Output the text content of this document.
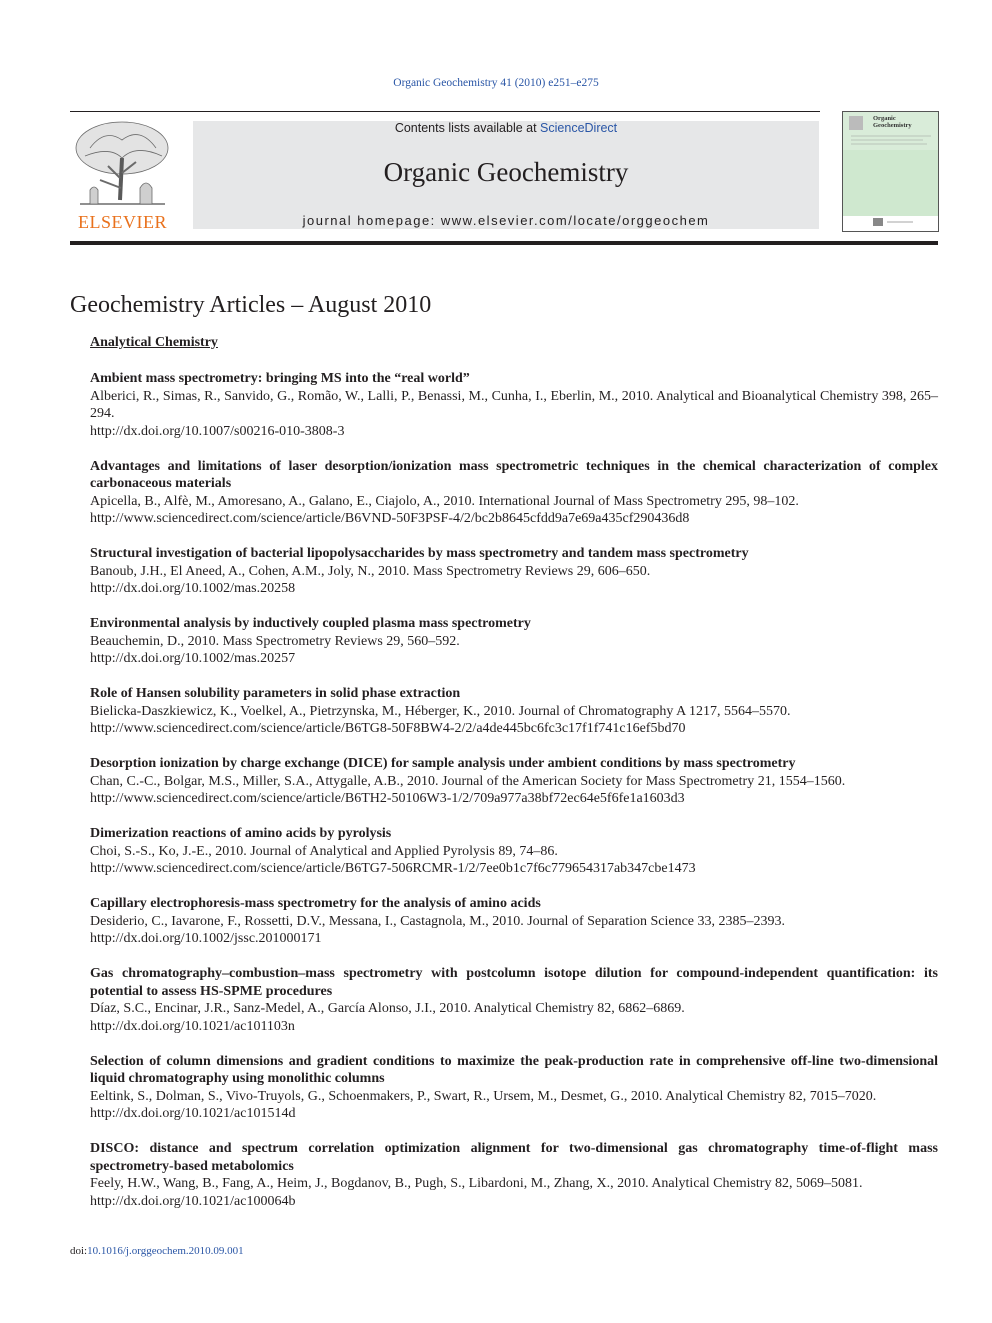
Organic Geochemistry 41 (2010) e251–e275
ELSEVIER
Contents lists available at ScienceDirect
Organic Geochemistry
journal homepage: www.elsevier.com/locate/orggeochem
Organic Geochemistry
Geochemistry Articles – August 2010
Analytical Chemistry
Ambient mass spectrometry: bringing MS into the “real world”
Alberici, R., Simas, R., Sanvido, G., Romão, W., Lalli, P., Benassi, M., Cunha, I., Eberlin, M., 2010. Analytical and Bioanalytical Chemistry 398, 265–294.
http://dx.doi.org/10.1007/s00216-010-3808-3
Advantages and limitations of laser desorption/ionization mass spectrometric techniques in the chemical characterization of complex carbonaceous materials
Apicella, B., Alfè, M., Amoresano, A., Galano, E., Ciajolo, A., 2010. International Journal of Mass Spectrometry 295, 98–102.
http://www.sciencedirect.com/science/article/B6VND-50F3PSF-4/2/bc2b8645cfdd9a7e69a435cf290436d8
Structural investigation of bacterial lipopolysaccharides by mass spectrometry and tandem mass spectrometry
Banoub, J.H., El Aneed, A., Cohen, A.M., Joly, N., 2010. Mass Spectrometry Reviews 29, 606–650.
http://dx.doi.org/10.1002/mas.20258
Environmental analysis by inductively coupled plasma mass spectrometry
Beauchemin, D., 2010. Mass Spectrometry Reviews 29, 560–592.
http://dx.doi.org/10.1002/mas.20257
Role of Hansen solubility parameters in solid phase extraction
Bielicka-Daszkiewicz, K., Voelkel, A., Pietrzynska, M., Héberger, K., 2010. Journal of Chromatography A 1217, 5564–5570.
http://www.sciencedirect.com/science/article/B6TG8-50F8BW4-2/2/a4de445bc6fc3c17f1f741c16ef5bd70
Desorption ionization by charge exchange (DICE) for sample analysis under ambient conditions by mass spectrometry
Chan, C.-C., Bolgar, M.S., Miller, S.A., Attygalle, A.B., 2010. Journal of the American Society for Mass Spectrometry 21, 1554–1560.
http://www.sciencedirect.com/science/article/B6TH2-50106W3-1/2/709a977a38bf72ec64e5f6fe1a1603d3
Dimerization reactions of amino acids by pyrolysis
Choi, S.-S., Ko, J.-E., 2010. Journal of Analytical and Applied Pyrolysis 89, 74–86.
http://www.sciencedirect.com/science/article/B6TG7-506RCMR-1/2/7ee0b1c7f6c779654317ab347cbe1473
Capillary electrophoresis-mass spectrometry for the analysis of amino acids
Desiderio, C., Iavarone, F., Rossetti, D.V., Messana, I., Castagnola, M., 2010. Journal of Separation Science 33, 2385–2393.
http://dx.doi.org/10.1002/jssc.201000171
Gas chromatography–combustion–mass spectrometry with postcolumn isotope dilution for compound-independent quantification: its potential to assess HS-SPME procedures
Díaz, S.C., Encinar, J.R., Sanz-Medel, A., García Alonso, J.I., 2010. Analytical Chemistry 82, 6862–6869.
http://dx.doi.org/10.1021/ac101103n
Selection of column dimensions and gradient conditions to maximize the peak-production rate in comprehensive off-line two-dimensional liquid chromatography using monolithic columns
Eeltink, S., Dolman, S., Vivo-Truyols, G., Schoenmakers, P., Swart, R., Ursem, M., Desmet, G., 2010. Analytical Chemistry 82, 7015–7020.
http://dx.doi.org/10.1021/ac101514d
DISCO: distance and spectrum correlation optimization alignment for two-dimensional gas chromatography time-of-flight mass spectrometry-based metabolomics
Feely, H.W., Wang, B., Fang, A., Heim, J., Bogdanov, B., Pugh, S., Libardoni, M., Zhang, X., 2010. Analytical Chemistry 82, 5069–5081.
http://dx.doi.org/10.1021/ac100064b
doi:10.1016/j.orggeochem.2010.09.001
